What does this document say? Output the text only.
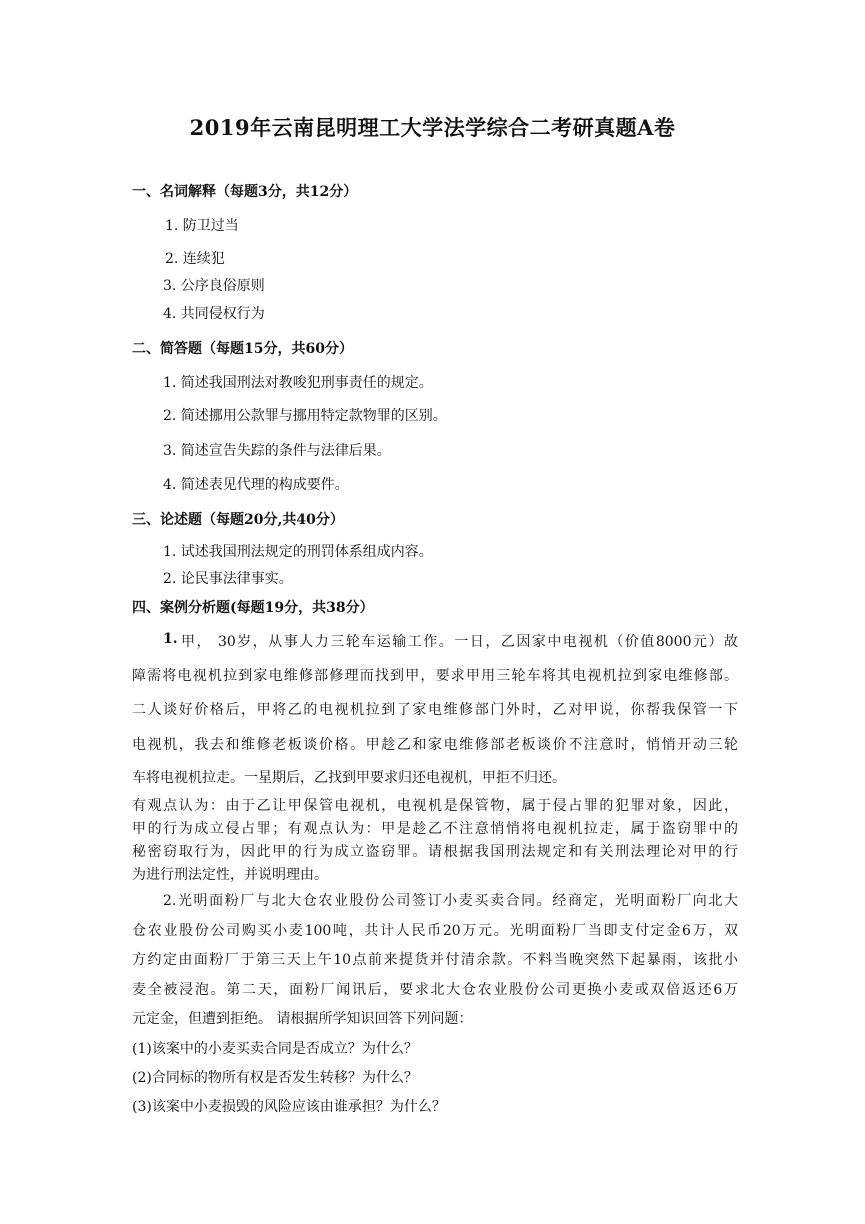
2019年云南昆明理工大学法学综合二考研真题A卷
一、名词解释（每题3分，共12分）
1. 防卫过当
2. 连续犯
3. 公序良俗原则
4. 共同侵权行为
二、简答题（每题15分，共60分）
1. 简述我国刑法对教唆犯刑事责任的规定。
2. 简述挪用公款罪与挪用特定款物罪的区别。
3. 简述宣告失踪的条件与法律后果。
4. 简述表见代理的构成要件。
三、论述题（每题20分,共40分）
1. 试述我国刑法规定的刑罚体系组成内容。
2. 论民事法律事实。
四、案例分析题(每题19分，共38分）
1. 甲， 30岁，从事人力三轮车运输工作。一日，乙因家中电视机（价值8000元）故
障需将电视机拉到家电维修部修理而找到甲，要求甲用三轮车将其电视机拉到家电维修部。
二人谈好价格后，甲将乙的电视机拉到了家电维修部门外时，乙对甲说，你帮我保管一下
电视机，我去和维修老板谈价格。甲趁乙和家电维修部老板谈价不注意时，悄悄开动三轮
车将电视机拉走。一星期后，乙找到甲要求归还电视机，甲拒不归还。
有观点认为：由于乙让甲保管电视机，电视机是保管物，属于侵占罪的犯罪对象，因此，
甲的行为成立侵占罪；有观点认为：甲是趁乙不注意悄悄将电视机拉走，属于盗窃罪中的
秘密窃取行为，因此甲的行为成立盗窃罪。请根据我国刑法规定和有关刑法理论对甲的行
为进行刑法定性，并说明理由。
2.光明面粉厂与北大仓农业股份公司签订小麦买卖合同。经商定，光明面粉厂向北大
仓农业股份公司购买小麦100吨，共计人民币20万元。光明面粉厂当即支付定金6万，双
方约定由面粉厂于第三天上午10点前来提货并付清余款。不料当晚突然下起暴雨，该批小
麦全被浸泡。第二天，面粉厂闻讯后，要求北大仓农业股份公司更换小麦或双倍返还6万
元定金，但遭到拒绝。 请根据所学知识回答下列问题：
(1)该案中的小麦买卖合同是否成立？为什么？
(2)合同标的物所有权是否发生转移？为什么？
(3)该案中小麦损毁的风险应该由谁承担？为什么？
